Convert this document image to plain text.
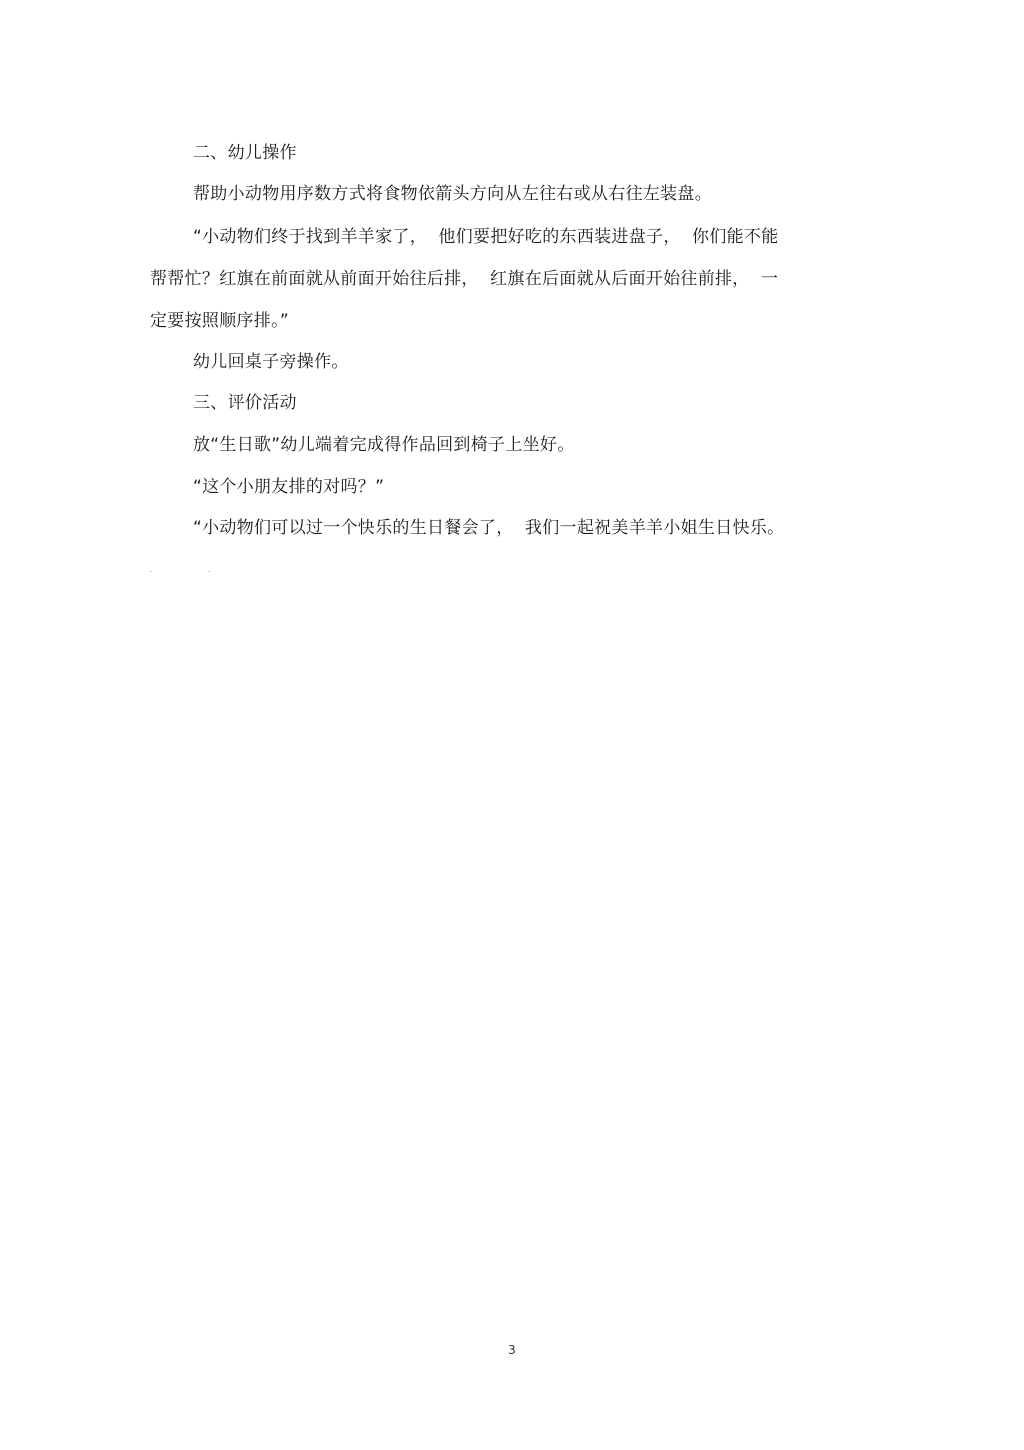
二、幼儿操作
帮助小动物用序数方式将食物依箭头方向从左往右或从右往左装盘。
“小动物们终于找到羊羊家了，  他们要把好吃的东西装进盘子，  你们能不能
帮帮忙？红旗在前面就从前面开始往后排，  红旗在后面就从后面开始往前排，  一
定要按照顺序排。”
幼儿回桌子旁操作。
三、评价活动
放“生日歌”幼儿端着完成得作品回到椅子上坐好。
“这个小朋友排的对吗？”
“小动物们可以过一个快乐的生日餐会了，  我们一起祝美羊羊小姐生日快乐。
3
